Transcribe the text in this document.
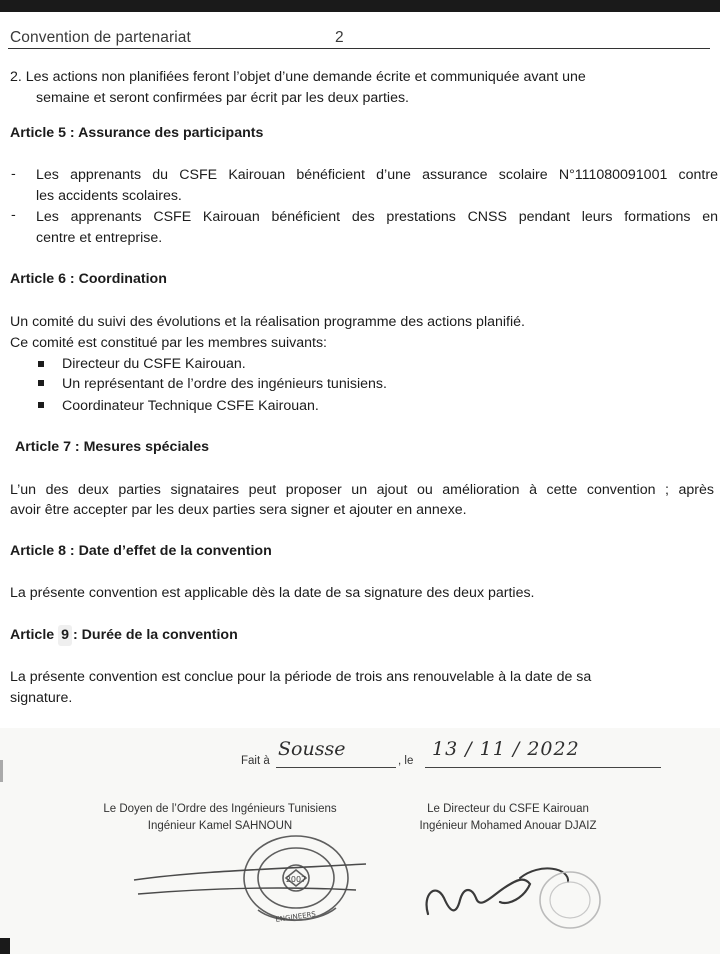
Convention de partenariat	2
2. Les actions non planifiées feront l’objet d’une demande écrite et communiquée avant une
semaine et seront confirmées par écrit par les deux parties.
Article 5 : Assurance des participants
- Les apprenants du CSFE Kairouan bénéficient d’une assurance scolaire N°111080091001 contre
les accidents scolaires.
- Les apprenants CSFE Kairouan bénéficient des prestations CNSS pendant leurs formations en
centre et entreprise.
Article 6 : Coordination
Un comité du suivi des évolutions et la réalisation programme des actions planifié.
Ce comité est constitué par les membres suivants:
Directeur du CSFE Kairouan.
Un représentant de l’ordre des ingénieurs tunisiens.
Coordinateur Technique CSFE Kairouan.
Article 7 : Mesures spéciales
L’un des deux parties signataires peut proposer un ajout ou amélioration à cette convention ; après
avoir être accepter par les deux parties sera signer et ajouter en annexe.
Article 8 : Date d’effet de la convention
La présente convention est applicable dès la date de sa signature des deux parties.
Article 9 : Durée de la convention
La présente convention est conclue pour la période de trois ans renouvelable à la date de sa
signature.
Fait à
Sousse
, le
13 / 11 / 2022
Le Doyen de l’Ordre des Ingénieurs Tunisiens
Ingénieur Kamel SAHNOUN
Le Directeur du CSFE Kairouan
Ingénieur Mohamed Anouar DJAIZ
2007
ENGINEERS
